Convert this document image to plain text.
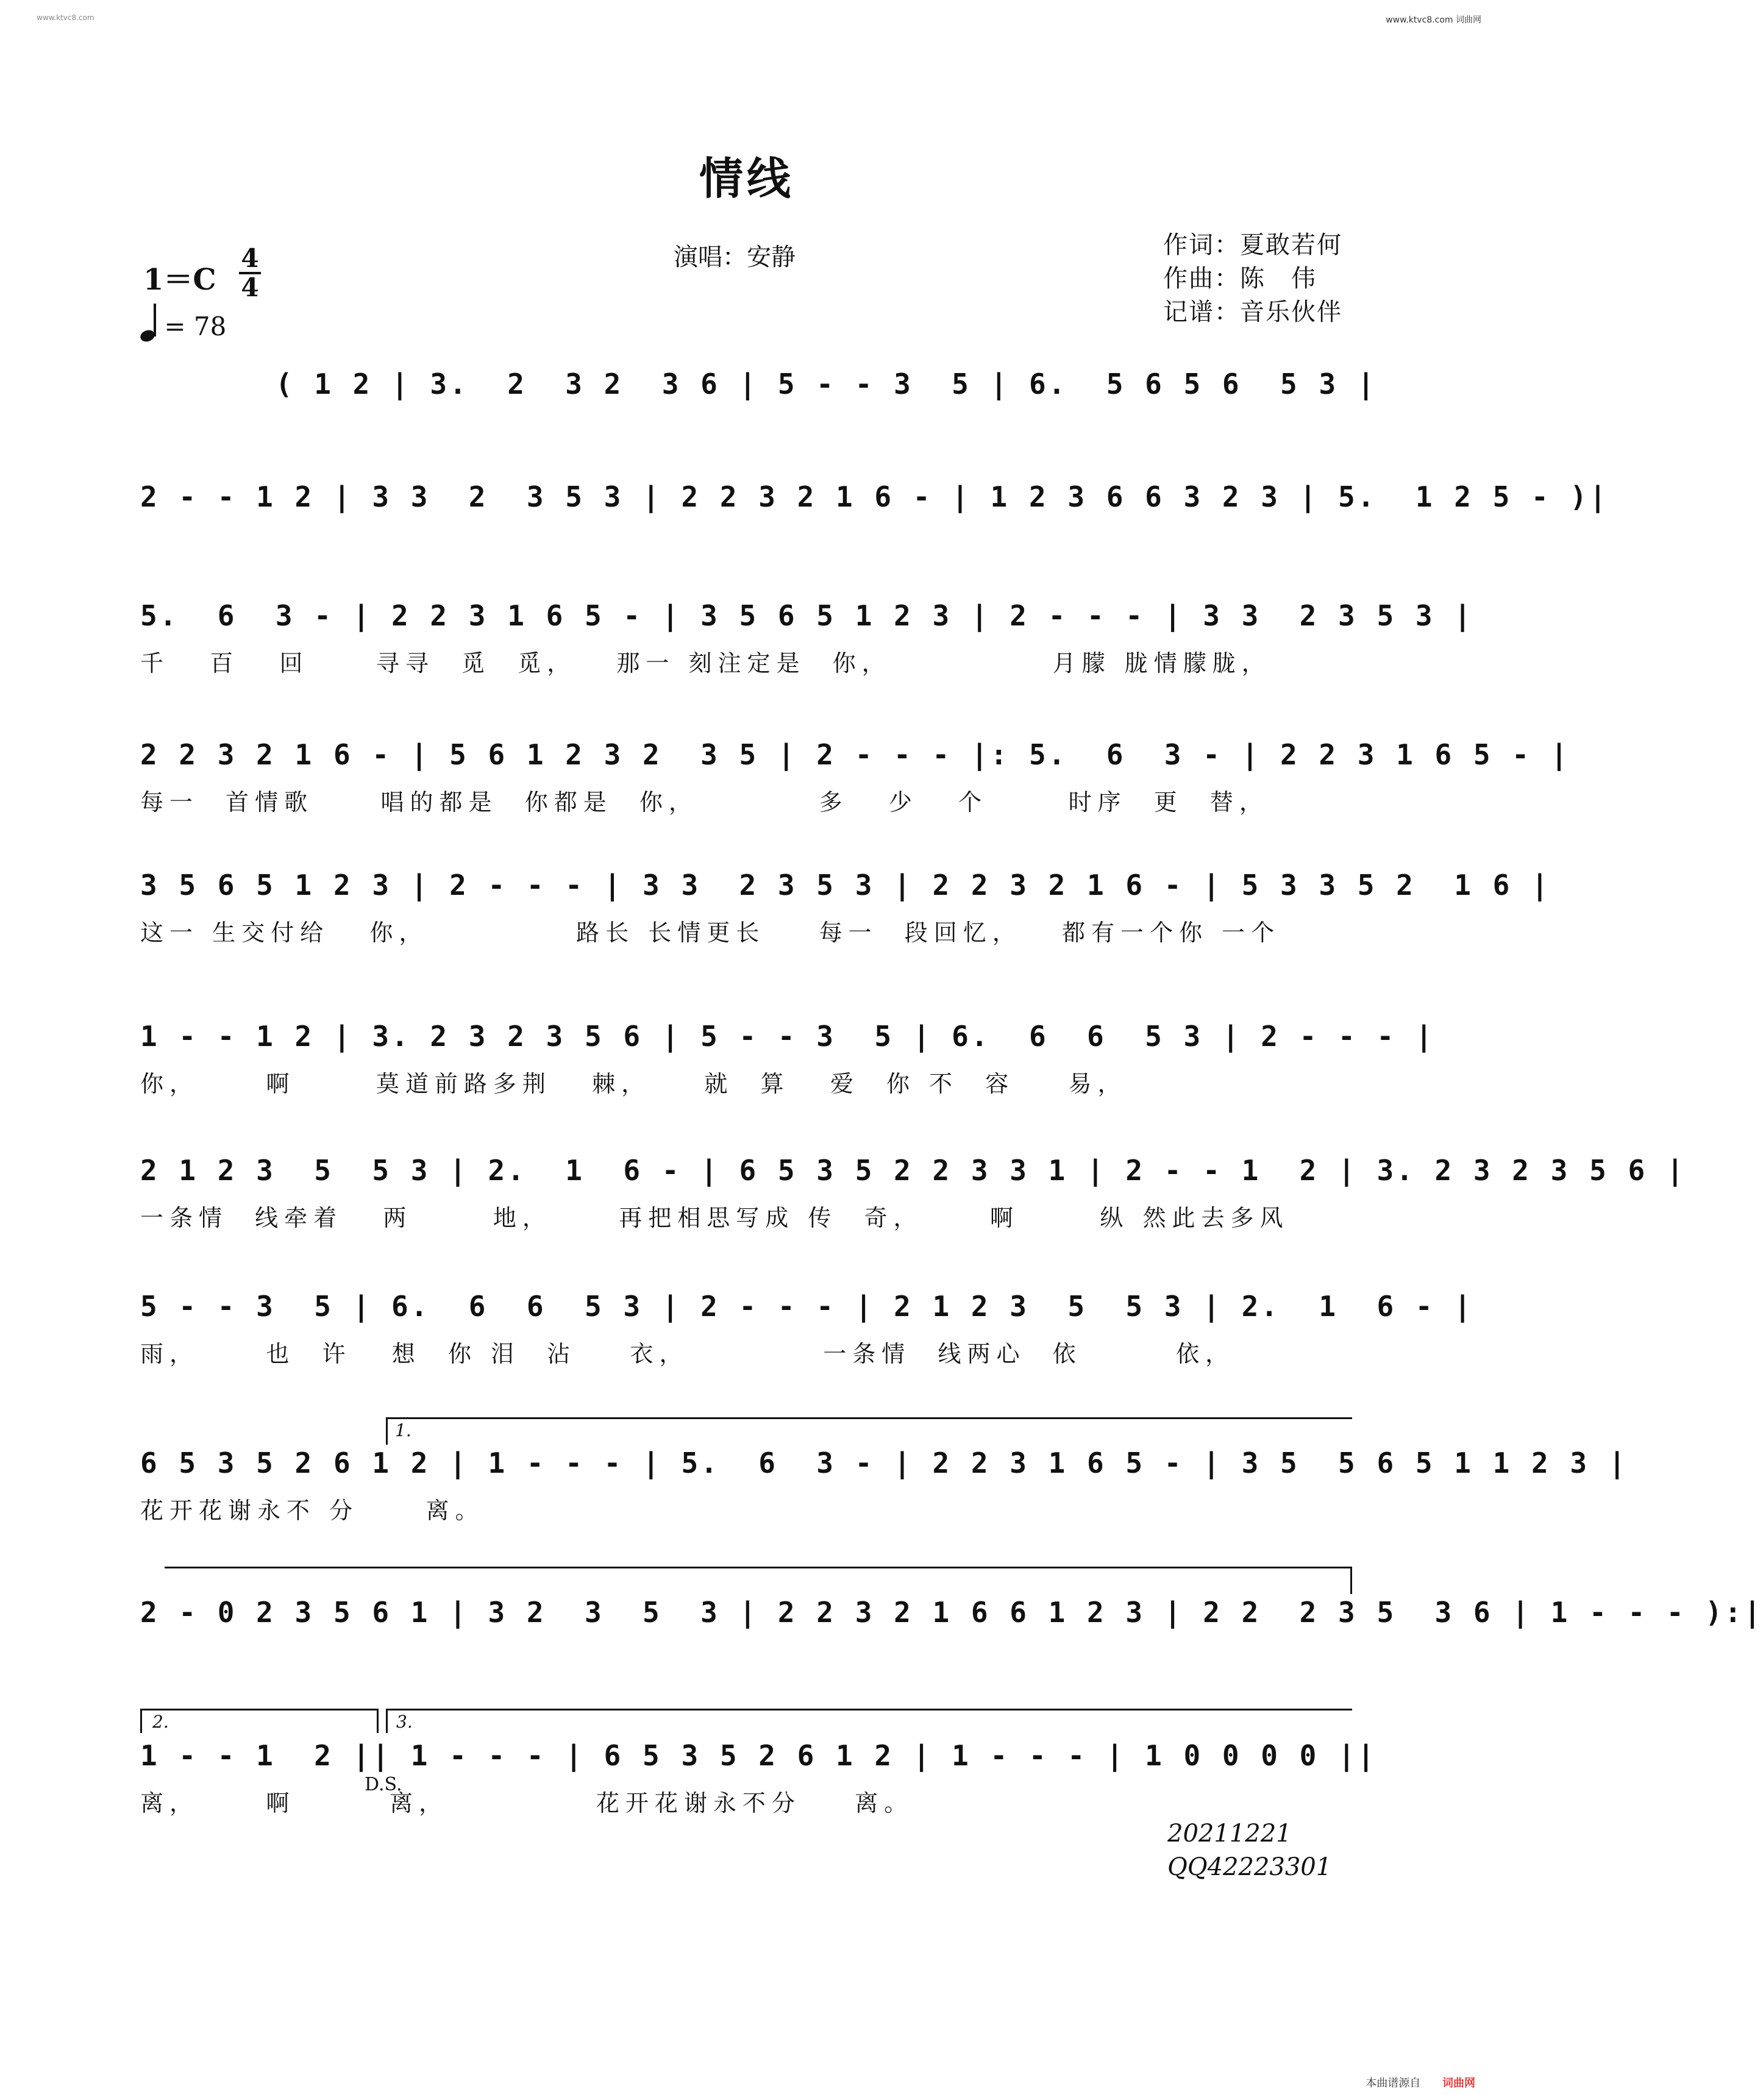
www.ktvc8.com	www.ktvc8.com 词曲网
情线
演唱：安静	作词：夏敢若何
作曲：陈　伟
记谱：音乐伙伴
1＝C
4
4
= 78
( 1 2 | 3.  2  3 2  3 6 | 5 - - 3  5 | 6.  5 6 5 6  5 3 |
2 - - 1 2 | 3 3  2  3 5 3 | 2 2 3 2 1 6 - | 1 2 3 6 6 3 2 3 | 5.  1 2 5 - )|
5.  6  3 - | 2 2 3 1 6 5 - | 3 5 6 5 1 2 3 | 2 - - - | 3 3  2 3 5 3 |
千   百   回     寻寻  觅  觅，   那一 刻注定是  你，            月朦 胧情朦胧，
2 2 3 2 1 6 - | 5 6 1 2 3 2  3 5 | 2 - - - |: 5.  6  3 - | 2 2 3 1 6 5 - |
每一  首情歌     唱的都是  你都是  你，         多   少   个      时序  更  替，
3 5 6 5 1 2 3 | 2 - - - | 3 3  2 3 5 3 | 2 2 3 2 1 6 - | 5 3 3 5 2  1 6 |
这一 生交付给   你，           路长 长情更长    每一  段回忆，   都有一个你 一个
1 - - 1 2 | 3. 2 3 2 3 5 6 | 5 - - 3  5 | 6.  6  6  5 3 | 2 - - - |
你，     啊      莫道前路多荆   棘，    就  算   爱  你 不  容    易，
2 1 2 3  5  5 3 | 2.  1  6 - | 6 5 3 5 2 2 3 3 1 | 2 - - 1  2 | 3. 2 3 2 3 5 6 |
一条情  线牵着   两      地，     再把相思写成 传  奇，     啊      纵 然此去多风
5 - - 3  5 | 6.  6  6  5 3 | 2 - - - | 2 1 2 3  5  5 3 | 2.  1  6 - |
雨，     也  许   想  你 泪  沾    衣，          一条情  线两心  依       依，
6 5 3 5 2 6 1 2 | 1 - - - | 5.  6  3 - | 2 2 3 1 6 5 - | 3 5  5 6 5 1 1 2 3 |
花开花谢永不 分     离。
2 - 0 2 3 5 6 1 | 3 2  3  5  3 | 2 2 3 2 1 6 6 1 2 3 | 2 2  2 3 5  3 6 | 1 - - - ):|
1 - - 1  2 || 1 - - - | 6 5 3 5 2 6 1 2 | 1 - - - | 1 0 0 0 0 ||
离，     啊       离，           花开花谢永不分    离。
1.
2.	3.
D.S.
20211221
QQ42223301
本曲谱源自 词曲网
